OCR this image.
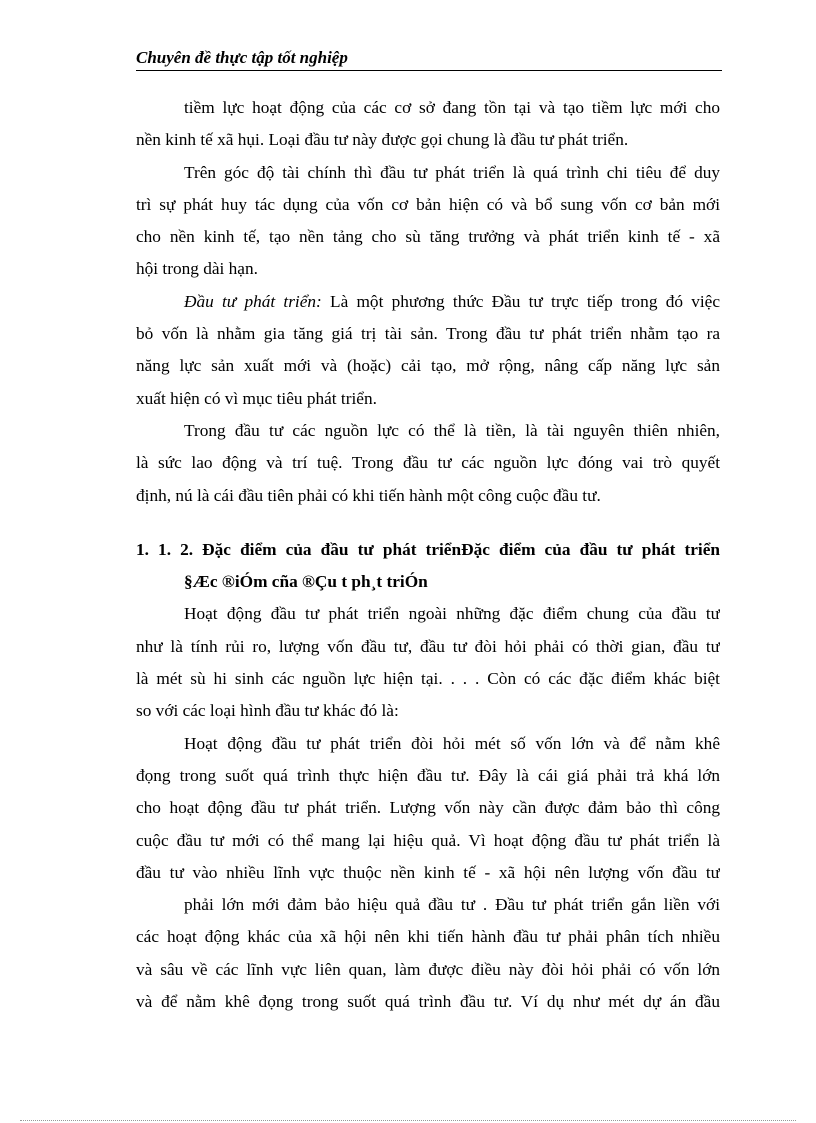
Chuyên đề thực tập tốt nghiệp
tiềm lực hoạt động của các cơ sở đang tồn tại và tạo tiềm lực mới cho
nền kinh tế xã hụi. Loại đầu tư này được gọi chung là đầu tư phát triển.
Trên góc độ tài chính thì đầu tư phát triển là quá trình chi tiêu để duy
trì sự phát huy tác dụng của vốn cơ bản hiện có và bổ sung vốn cơ bản mới
cho nền kinh tế, tạo nền tảng cho sù tăng trưởng và phát triển kinh tế - xã
hội trong dài hạn.
Đầu tư phát triển: Là một phương thức Đầu tư trực tiếp trong đó việc
bỏ vốn là nhằm gia tăng giá trị tài sản. Trong đầu tư phát triển nhằm tạo ra
năng lực sản xuất mới và (hoặc) cải tạo, mở rộng, nâng cấp năng lực sản
xuất hiện có vì mục tiêu phát triển.
Trong đầu tư các nguồn lực có thể là tiền, là tài nguyên thiên nhiên,
là sức lao động và trí tuệ. Trong đầu tư các nguồn lực đóng vai trò quyết
định, nú là cái đầu tiên phải có khi tiến hành một công cuộc đầu tư.
1. 1. 2. Đặc điểm của đầu tư phát triểnĐặc điểm của đầu tư phát triển
§Æc ®iÓm cña ®Çu t ph¸t triÓn
Hoạt động đầu tư phát triển ngoài những đặc điểm chung của đầu tư
như là tính rủi ro, lượng vốn đầu tư, đầu tư đòi hỏi phải có thời gian, đầu tư
là mét sù hi sinh các nguồn lực hiện tại. . . . Còn có các đặc điểm khác biệt
so với các loại hình đầu tư khác đó là:
Hoạt động đầu tư phát triển đòi hỏi mét số vốn lớn và để nằm khê
đọng trong suốt quá trình thực hiện đầu tư. Đây là cái giá phải trả khá lớn
cho hoạt động đầu tư phát triển. Lượng vốn này cần được đảm bảo thì công
cuộc đầu tư mới có thể mang lại hiệu quả. Vì hoạt động đầu tư phát triển là
đầu tư vào nhiều lĩnh vực thuộc nền kinh tế - xã hội nên lượng vốn đầu tư
phải lớn mới đảm bảo hiệu quả đầu tư . Đầu tư phát triển gắn liền với
các hoạt động khác của xã hội nên khi tiến hành đầu tư phải phân tích nhiều
và sâu về các lĩnh vực liên quan, làm được điều này đòi hỏi phải có vốn lớn
và để nằm khê đọng trong suốt quá trình đầu tư. Ví dụ như mét dự án đầu
